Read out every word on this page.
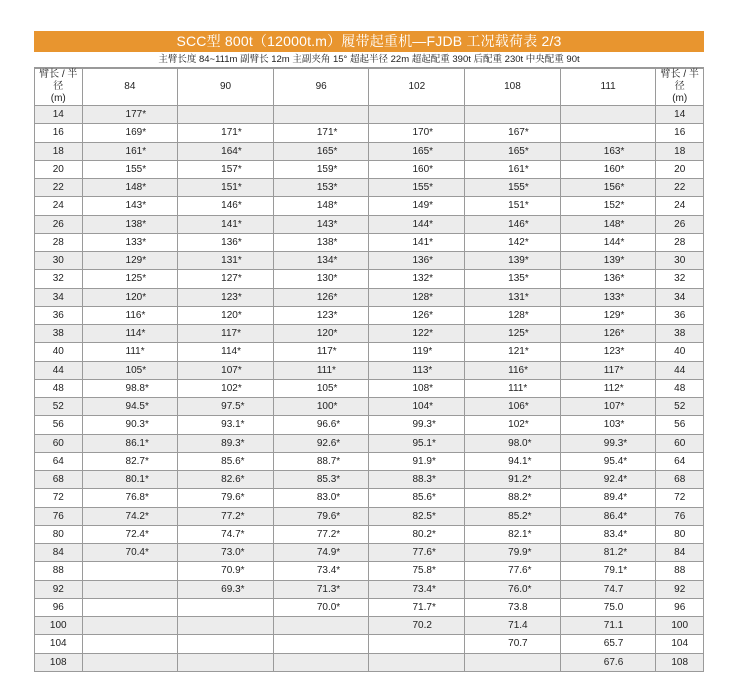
SCC型 800t（12000t.m）履带起重机—FJDB 工况载荷表 2/3
主臂长度 84~111m 副臂长 12m 主副夹角 15° 超起半径 22m 超起配重 390t 后配重 230t 中央配重 90t
臂长 / 半径
(m)	84	90	96	102	108	111	臂长 / 半径
(m)
14	177*						14
16	169*	171*	171*	170*	167*		16
18	161*	164*	165*	165*	165*	163*	18
20	155*	157*	159*	160*	161*	160*	20
22	148*	151*	153*	155*	155*	156*	22
24	143*	146*	148*	149*	151*	152*	24
26	138*	141*	143*	144*	146*	148*	26
28	133*	136*	138*	141*	142*	144*	28
30	129*	131*	134*	136*	139*	139*	30
32	125*	127*	130*	132*	135*	136*	32
34	120*	123*	126*	128*	131*	133*	34
36	116*	120*	123*	126*	128*	129*	36
38	114*	117*	120*	122*	125*	126*	38
40	111*	114*	117*	119*	121*	123*	40
44	105*	107*	111*	113*	116*	117*	44
48	98.8*	102*	105*	108*	111*	112*	48
52	94.5*	97.5*	100*	104*	106*	107*	52
56	90.3*	93.1*	96.6*	99.3*	102*	103*	56
60	86.1*	89.3*	92.6*	95.1*	98.0*	99.3*	60
64	82.7*	85.6*	88.7*	91.9*	94.1*	95.4*	64
68	80.1*	82.6*	85.3*	88.3*	91.2*	92.4*	68
72	76.8*	79.6*	83.0*	85.6*	88.2*	89.4*	72
76	74.2*	77.2*	79.6*	82.5*	85.2*	86.4*	76
80	72.4*	74.7*	77.2*	80.2*	82.1*	83.4*	80
84	70.4*	73.0*	74.9*	77.6*	79.9*	81.2*	84
88		70.9*	73.4*	75.8*	77.6*	79.1*	88
92		69.3*	71.3*	73.4*	76.0*	74.7	92
96			70.0*	71.7*	73.8	75.0	96
100				70.2	71.4	71.1	100
104					70.7	65.7	104
108						67.6	108
